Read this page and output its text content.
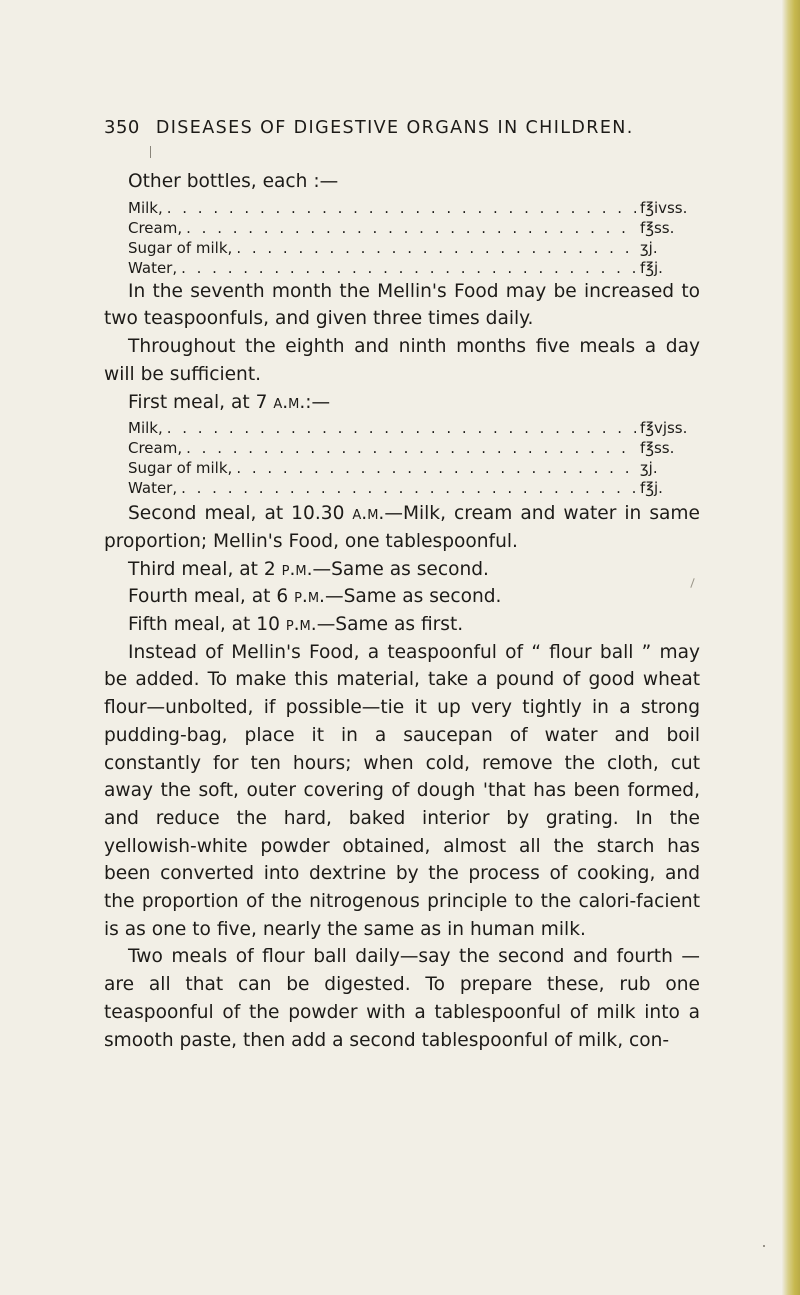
350 DISEASES OF DIGESTIVE ORGANS IN CHILDREN.

Other bottles, each :—

Milk, . . .	f℥ivss.
Cream, . . .	f℥ss.
Sugar of milk, . . .	ʒj.
Water, . . .	f℥j.

In the seventh month the Mellin's Food may be increased to two teaspoonfuls, and given three times daily.

Throughout the eighth and ninth months five meals a day will be sufficient.

First meal, at 7 a.m.:—

Milk, . . .	f℥vjss.
Cream, . . .	f℥ss.
Sugar of milk, . . .	ʒj.
Water, . . .	f℥j.

Second meal, at 10.30 a.m.—Milk, cream and water in same proportion; Mellin's Food, one tablespoonful.

Third meal, at 2 p.m.—Same as second.

Fourth meal, at 6 p.m.—Same as second.

Fifth meal, at 10 p.m.—Same as first.

Instead of Mellin's Food, a teaspoonful of “ flour ball ” may be added. To make this material, take a pound of good wheat flour—unbolted, if possible—tie it up very tightly in a strong pudding-bag, place it in a saucepan of water and boil constantly for ten hours; when cold, remove the cloth, cut away the soft, outer covering of dough 'that has been formed, and reduce the hard, baked interior by grating. In the yellowish-white powder obtained, almost all the starch has been converted into dextrine by the process of cooking, and the proportion of the nitrogenous principle to the calori-facient is as one to five, nearly the same as in human milk.

Two meals of flour ball daily—say the second and fourth —are all that can be digested. To prepare these, rub one teaspoonful of the powder with a tablespoonful of milk into a smooth paste, then add a second tablespoonful of milk, con-
